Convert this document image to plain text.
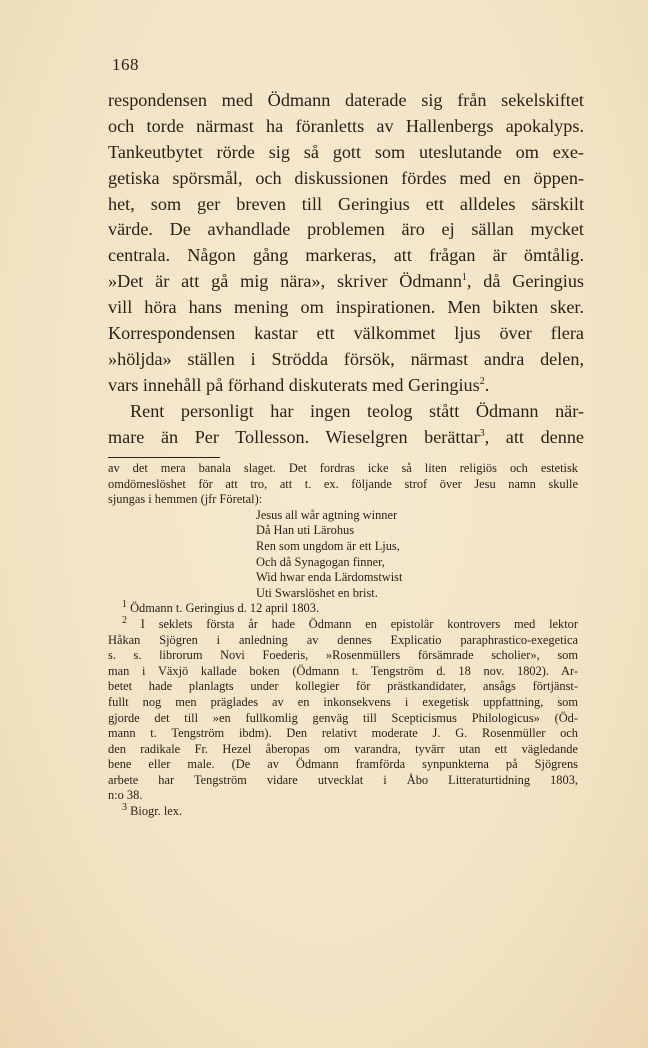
168
respondensen med Ödmann daterade sig från sekelskiftet
och torde närmast ha föranletts av Hallenbergs apokalyps.
Tankeutbytet rörde sig så gott som uteslutande om exe-
getiska spörsmål, och diskussionen fördes med en öppen-
het, som ger breven till Geringius ett alldeles särskilt
värde. De avhandlade problemen äro ej sällan mycket
centrala. Någon gång markeras, att frågan är ömtålig.
»Det är att gå mig nära», skriver Ödmann$^1$, då Geringius
vill höra hans mening om inspirationen. Men bikten sker.
Korrespondensen kastar ett välkommet ljus över flera
»höljda» ställen i Strödda försök, närmast andra delen,
vars innehåll på förhand diskuterats med Geringius$^2$.
Rent personligt har ingen teolog stått Ödmann när-
mare än Per Tollesson. Wieselgren berättar$^3$, att denne
av det mera banala slaget. Det fordras icke så liten religiös och estetisk
omdömeslöshet för att tro, att t. ex. följande strof över Jesu namn skulle
sjungas i hemmen (jfr Företal):
Jesus all wår agtning winner
Då Han uti Lärohus
Ren som ungdom är ett Ljus,
Och då Synagogan finner,
Wid hwar enda Lärdomstwist
Uti Swarslöshet en brist.
$^1$ Ödmann t. Geringius d. 12 april 1803.
$^2$ I seklets första år hade Ödmann en epistolär kontrovers med lektor
Håkan Sjögren i anledning av dennes Explicatio paraphrastico-exegetica
s. s. librorum Novi Foederis, »Rosenmüllers försämrade scholier», som
man i Växjö kallade boken (Ödmann t. Tengström d. 18 nov. 1802). Ar-
betet hade planlagts under kollegier för prästkandidater, ansågs förtjänst-
fullt nog men präglades av en inkonsekvens i exegetisk uppfattning, som
gjorde det till »en fullkomlig genväg till Scepticismus Philologicus» (Öd-
mann t. Tengström ibdm). Den relativt moderate J. G. Rosenmüller och
den radikale Fr. Hezel åberopas om varandra, tyvärr utan ett vägledande
bene eller male. (De av Ödmann framförda synpunkterna på Sjögrens
arbete har Tengström vidare utvecklat i Åbo Litteraturtidning 1803,
n:o 38.
$^3$ Biogr. lex.
